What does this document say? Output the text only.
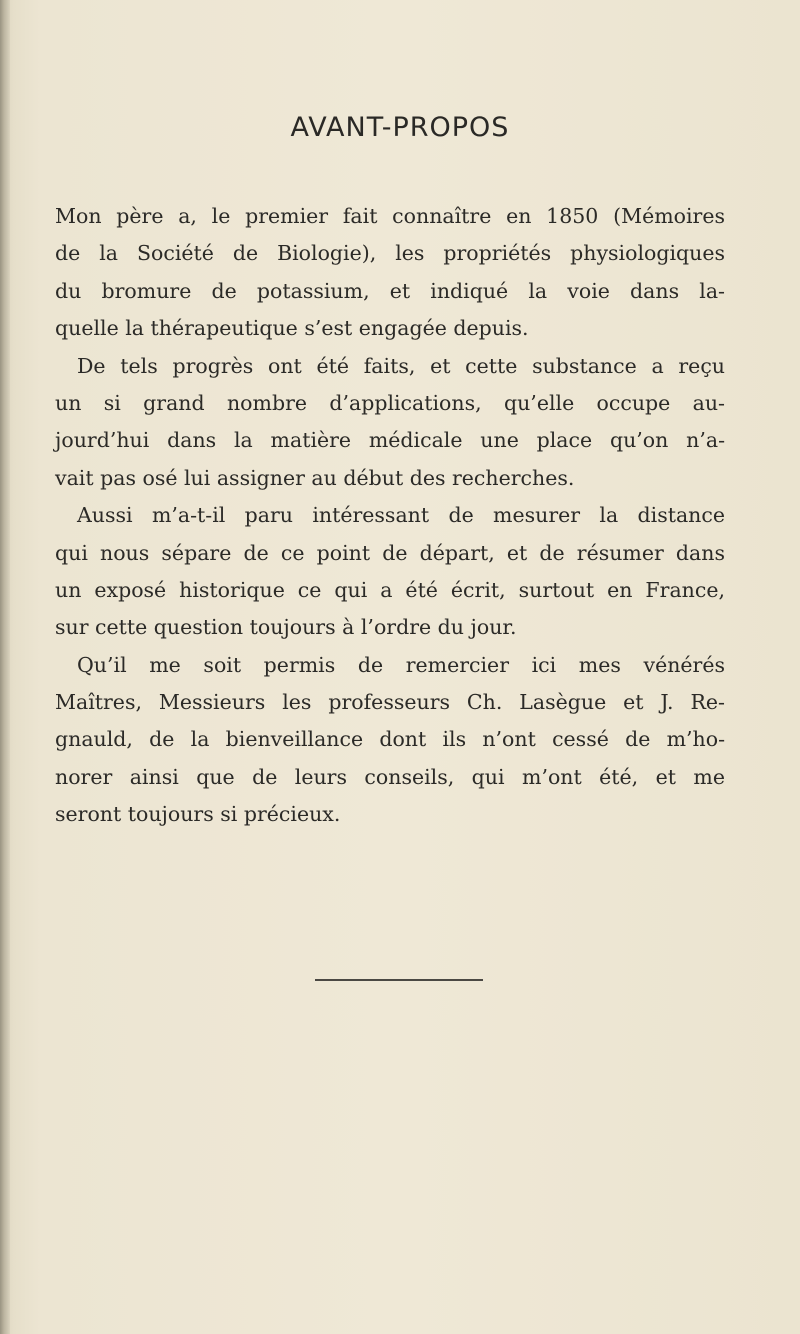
AVANT-PROPOS
Mon père a, le premier fait connaître en 1850 (Mémoires
de la Société de Biologie), les propriétés physiologiques
du bromure de potassium, et indiqué la voie dans la-
quelle la thérapeutique s’est engagée depuis.
De tels progrès ont été faits, et cette substance a reçu
un si grand nombre d’applications, qu’elle occupe au-
jourd’hui dans la matière médicale une place qu’on n’a-
vait pas osé lui assigner au début des recherches.
Aussi m’a-t-il paru intéressant de mesurer la distance
qui nous sépare de ce point de départ, et de résumer dans
un exposé historique ce qui a été écrit, surtout en France,
sur cette question toujours à l’ordre du jour.
Qu’il me soit permis de remercier ici mes vénérés
Maîtres, Messieurs les professeurs Ch. Lasègue et J. Re-
gnauld, de la bienveillance dont ils n’ont cessé de m’ho-
norer ainsi que de leurs conseils, qui m’ont été, et me
seront toujours si précieux.
